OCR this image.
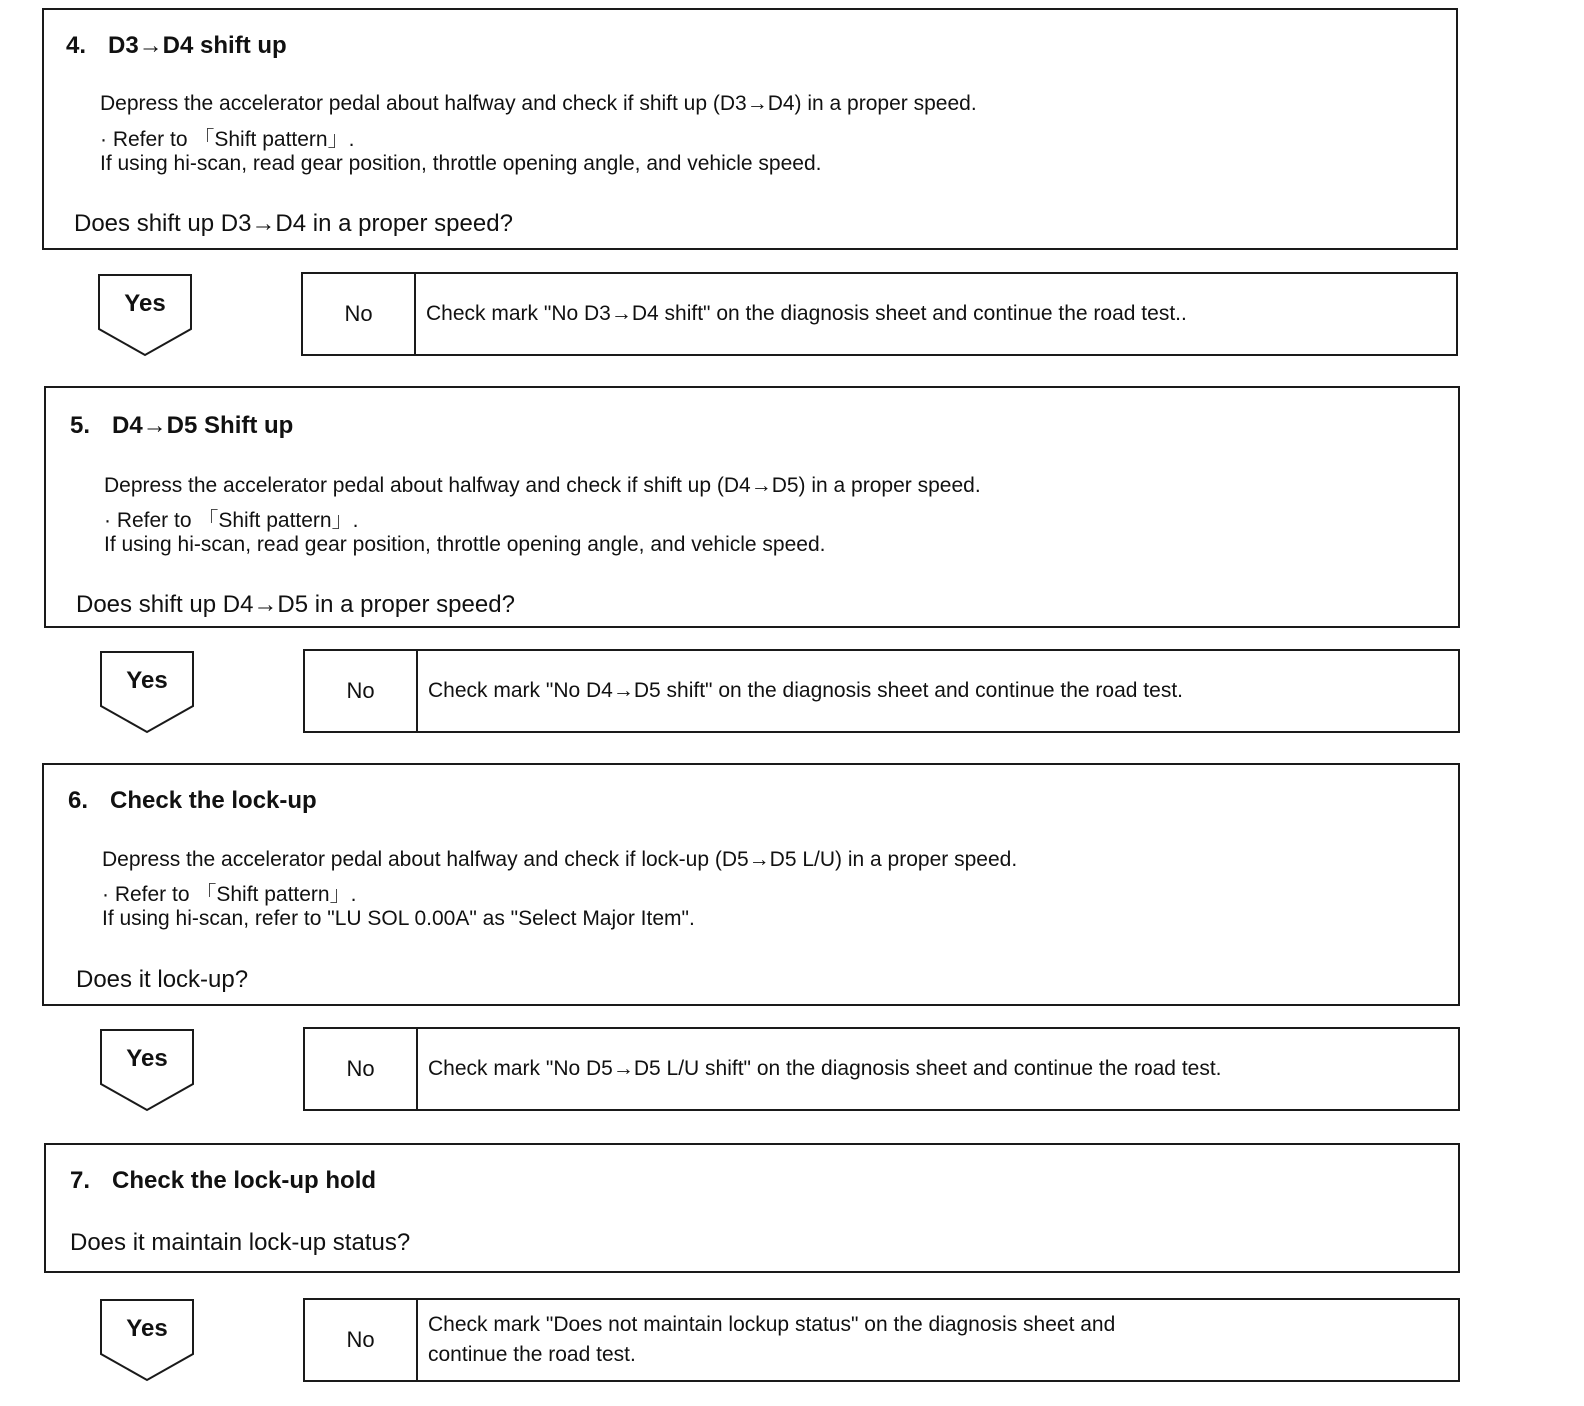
4. D3→D4 shift up
Depress the accelerator pedal about halfway and check if shift up (D3→D4) in a proper speed.
· Refer to 「Shift pattern」.
If using hi-scan, read gear position, throttle opening angle, and vehicle speed.
Does shift up D3→D4 in a proper speed?
Yes	No	Check mark "No D3→D4 shift" on the diagnosis sheet and continue the road test..
5. D4→D5 Shift up
Depress the accelerator pedal about halfway and check if shift up (D4→D5) in a proper speed.
· Refer to 「Shift pattern」.
If using hi-scan, read gear position, throttle opening angle, and vehicle speed.
Does shift up D4→D5 in a proper speed?
Yes	No	Check mark "No D4→D5 shift" on the diagnosis sheet and continue the road test.
6. Check the lock-up
Depress the accelerator pedal about halfway and check if lock-up (D5→D5 L/U) in a proper speed.
· Refer to 「Shift pattern」.
If using hi-scan, refer to "LU SOL 0.00A" as "Select Major Item".
Does it lock-up?
Yes	No	Check mark "No D5→D5 L/U shift" on the diagnosis sheet and continue the road test.
7. Check the lock-up hold
Does it maintain lock-up status?
Yes	No
Check mark "Does not maintain lockup status" on the diagnosis sheet and
continue the road test.
